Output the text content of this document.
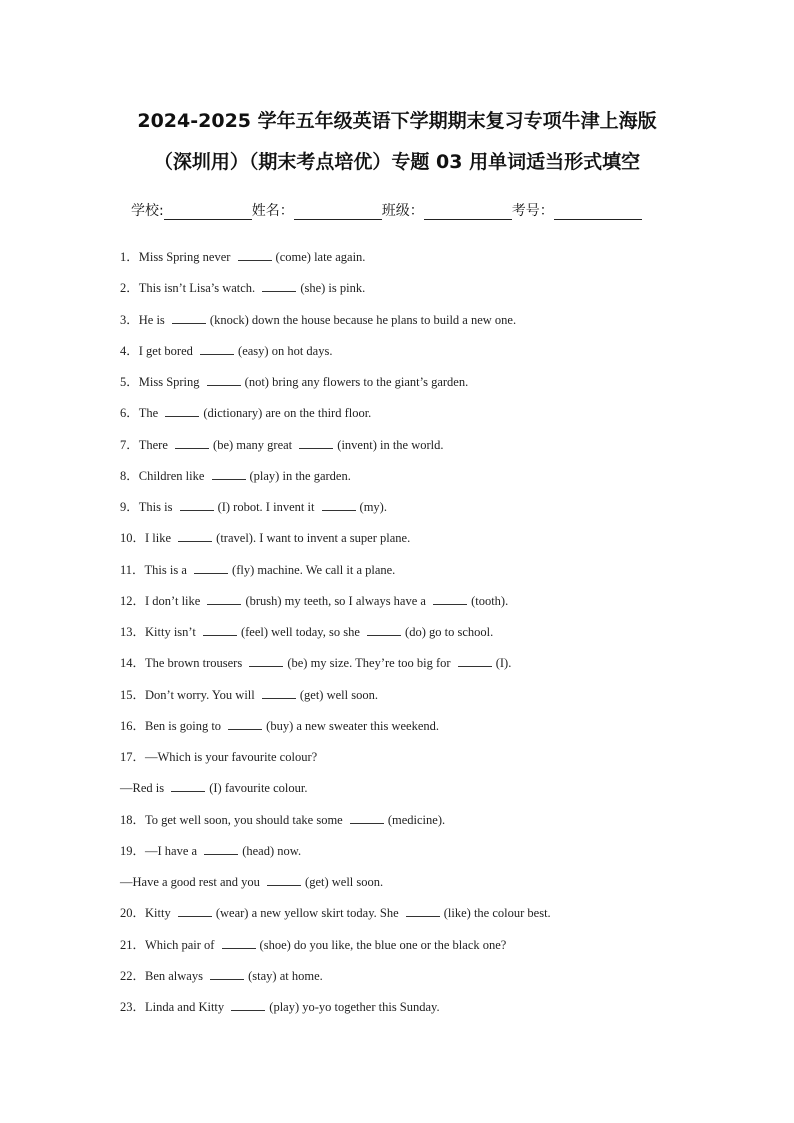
2024-2025 学年五年级英语下学期期末复习专项牛津上海版
（深圳用）（期末考点培优）专题 03 用单词适当形式填空
学校:	姓名：	班级：	考号：
1．Miss Spring never	(come) late again.
2．This isn’t Lisa’s watch.	(she) is pink.
3．He is	(knock) down the house because he plans to build a new one.
4．I get bored	(easy) on hot days.
5．Miss Spring	(not) bring any flowers to the giant’s garden.
6．The	(dictionary) are on the third floor.
7．There	(be) many great	(invent) in the world.
8．Children like	(play) in the garden.
9．This is	(I) robot. I invent it	(my).
10．I like	(travel). I want to invent a super plane.
11．This is a	(fly) machine. We call it a plane.
12．I don’t like	(brush) my teeth, so I always have a	(tooth).
13．Kitty isn’t	(feel) well today, so she	(do) go to school.
14．The brown trousers	(be) my size. They’re too big for	(I).
15．Don’t worry. You will	(get) well soon.
16．Ben is going to	(buy) a new sweater this weekend.
17．—Which is your favourite colour?
—Red is	(I) favourite colour.
18．To get well soon, you should take some	(medicine).
19．—I have a	(head) now.
—Have a good rest and you	(get) well soon.
20．Kitty	(wear) a new yellow skirt today. She	(like) the colour best.
21．Which pair of	(shoe) do you like, the blue one or the black one?
22．Ben always	(stay) at home.
23．Linda and Kitty	(play) yo-yo together this Sunday.
